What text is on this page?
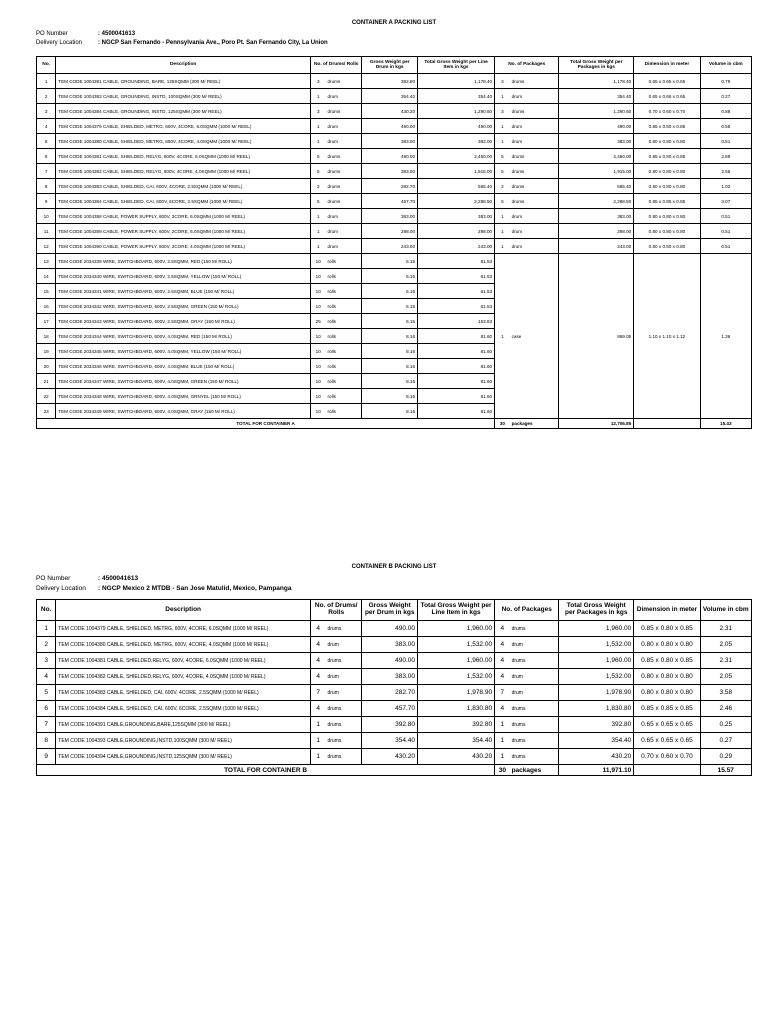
CONTAINER A PACKING LIST
PO Number	: 4500041613
Delivery Location	: NGCP San Fernando - Pennsylvania Ave., Poro Pt. San Fernando City, La Union
No.	Description	No. of Drums/ Rolls		Gross Weight per Drum in kgs	Total Gross Weight per Line Item in kgs	No. of Packages		Total Gross Weight per Packages in kgs	Dimension in meter	Volume in cbm
1	TEM CODE 1004381 CABLE, GROUNDING, BARE, 125SQMM (300 M/ REEL)	3	drums	392.80	1,178.40	3	drums	1,178.40	0.65 x 0.65 x 0.65	0.79
2	TEM CODE 1004383 CABLE, GROUNDING, INSTD, 100SQMM (300 M/ REEL)	1	drum	354.40	354.40	1	drum	354.40	0.65 x 0.65 x 0.65	0.27
3	TEM CODE 1004384 CABLE, GROUNDING, INSTD, 125SQMM (300 M/ REEL)	3	drums	430.20	1,290.60	3	drums	1,290.60	0.70 x 0.60 x 0.70	0.88
4	TEM CODE 1004379 CABLE, SHIELDED, METRG, 600V, 4CORE, 6.0SQMM (1000 M/ REEL)	1	drum	490.00	490.00	1	drum	490.00	0.85 x 0.80 x 0.85	0.58
5	TEM CODE 1004380 CABLE, SHIELDED, METRG, 600V, 4CORE, 4.0SQMM (1000 M/ REEL)	1	drum	383.00	383.00	1	drum	383.00	0.80 x 0.80 x 0.80	0.51
6	TEM CODE 1004381 CABLE, SHIELDED, RELYG, 600V, 4CORE, 6.0SQMM (1000 M/ REEL)	5	drums	490.00	2,450.00	5	drums	2,450.00	0.85 x 0.80 x 0.85	2.89
7	TEM CODE 1004382 CABLE, SHIELDED, RELYG, 600V, 4CORE, 4.0SQMM (1000 M/ REEL)	5	drums	383.00	1,915.00	5	drums	1,915.00	0.80 x 0.80 x 0.80	2.56
8	TEM CODE 1004383 CABLE, SHIELDED, CAI, 600V, 4CORE, 2.5SQMM (1000 M/ REEL)	2	drums	282.70	565.40	2	drums	565.40	0.80 x 0.80 x 0.80	1.02
9	TEM CODE 1004384 CABLE, SHIELDED, CAI, 600V, 6CORE, 2.5SQMM (1000 M/ REEL)	5	drums	457.70	2,288.50	5	drums	2,288.50	0.85 x 0.85 x 0.85	3.07
10	TEM CODE 1004388 CABLE, POWER SUPPLY, 600V, 3CORE, 6.0SQMM (1000 M/ REEL)	1	drum	383.00	383.00	1	drum	383.00	0.80 x 0.80 x 0.80	0.51
11	TEM CODE 1004389 CABLE, POWER SUPPLY, 600V, 2CORE, 6.0SQMM (1000 M/ REEL)	1	drum	298.00	298.00	1	drum	298.00	0.80 x 0.80 x 0.80	0.51
12	TEM CODE 1004390 CABLE, POWER SUPPLY, 600V, 2CORE, 4.0SQMM (1000 M/ REEL)	1	drum	243.00	243.00	1	drum	243.00	0.80 x 0.80 x 0.80	0.51
13	TEM CODE 2034339 WIRE, SWITCHBOARD, 600V, 2.5SQMM, RED (150 M/ ROLL)	10	rolls	6.15	61.53	1	case	869.05	1.10 x 1.10 x 1.12	1.36
14	TEM CODE 2034340 WIRE, SWITCHBOARD, 600V, 2.5SQMM, YELLOW (150 M/ ROLL)	10	rolls	6.15	61.53					
15	TEM CODE 2034341 WIRE, SWITCHBOARD, 600V, 2.5SQMM, BLUE (150 M/ ROLL)	10	rolls	6.15	61.53					
16	TEM CODE 2034342 WIRE, SWITCHBOARD, 600V, 2.5SQMM, GREEN (150 M/ ROLL)	10	rolls	6.15	61.53					
17	TEM CODE 2034343 WIRE, SWITCHBOARD, 600V, 2.5SQMM, GRAY (150 M/ ROLL)	25	rolls	6.15	153.83					
18	TEM CODE 2034344 WIRE, SWITCHBOARD, 600V, 4.0SQMM, RED (150 M/ ROLL)	10	rolls	8.16	81.60					
19	TEM CODE 2034345 WIRE, SWITCHBOARD, 600V, 4.0SQMM, YELLOW (150 M/ ROLL)	10	rolls	8.16	81.60					
20	TEM CODE 2034346 WIRE, SWITCHBOARD, 600V, 4.0SQMM, BLUE (150 M/ ROLL)	10	rolls	8.16	81.60					
21	TEM CODE 2034347 WIRE, SWITCHBOARD, 600V, 4.0SQMM, GREEN (150 M/ ROLL)	10	rolls	8.16	81.60					
22	TEM CODE 2034348 WIRE, SWITCHBOARD, 600V, 4.0SQMM, GRNYEL (150 M/ ROLL)	10	rolls	8.16	81.60					
23	TEM CODE 2034349 WIRE, SWITCHBOARD, 600V, 4.0SQMM, GRAY (150 M/ ROLL)	10	rolls	8.16	81.60					
TOTAL FOR CONTAINER A						30	packages	12,706.85		15.43
CONTAINER B PACKING LIST
PO Number	: 4500041613
Delivery Location : NGCP Mexico 2 MTDB - San Jose Matulid, Mexico, Pampanga
No.	Description	No. of Drums/ Rolls		Gross Weight per Drum in kgs	Total Gross Weight per Line Item in kgs	No. of Packages		Total Gross Weight per Packages in kgs	Dimension in meter	Volume in cbm
1	TEM CODE 1004379 CABLE, SHIELDED, METRG, 600V, 4CORE, 6.0SQMM (1000 M/ REEL)	4	drums	490.00	1,960.00	4	drums	1,960.00	0.85 x 0.80 x 0.85	2.31
2	TEM CODE 1004380 CABLE, SHIELDED, METRG, 600V, 4CORE, 4.0SQMM (1000 M/ REEL)	4	drum	383.00	1,532.00	4	drum	1,532.00	0.80 x 0.80 x 0.80	2.05
3	TEM CODE 1004381 CABLE, SHIELDED,RELYG, 600V, 4CORE, 6.0SQMM (1000 M/ REEL)	4	drums	490.00	1,960.00	4	drums	1,960.00	0.85 x 0.80 x 0.85	2.31
4	TEM CODE 1004382 CABLE, SHIELDED,RELYG, 600V, 4CORE, 4.0SQMM (1000 M/ REEL)	4	drum	383.00	1,532.00	4	drum	1,532.00	0.80 x 0.80 x 0.80	2.05
5	TEM CODE 1004383 CABLE, SHIELDED, CAI, 600V, 4CORE, 2.5SQMM (1000 M/ REEL)	7	drum	282.70	1,978.90	7	drum	1,978.90	0.80 x 0.80 x 0.80	3.58
6	TEM CODE 1004384 CABLE, SHIELDED, CAI, 600V, 6CORE, 2.5SQMM (1000 M/ REEL)	4	drums	457.70	1,830.80	4	drums	1,830.80	0.85 x 0.85 x 0.85	2.46
7	TEM CODE 1004391 CABLE,GROUNDING,BARE,125SQMM (300 M/ REEL)	1	drums	392.80	392.80	1	drums	392.80	0.65 x 0.65 x 0.65	0.25
8	TEM CODE 1004393 CABLE,GROUNDING,INSTD,100SQMM (300 M/ REEL)	1	drums	354.40	354.40	1	drums	354.40	0.65 x 0.65 x 0.65	0.27
9	TEM CODE 1004394 CABLE,GROUNDING,INSTD,125SQMM (300 M/ REEL)	1	drums	430.20	430.20	1	drums	430.20	0.70 x 0.60 x 0.70	0.29
TOTAL FOR CONTAINER B						30	packages	11,971.10		15.57
